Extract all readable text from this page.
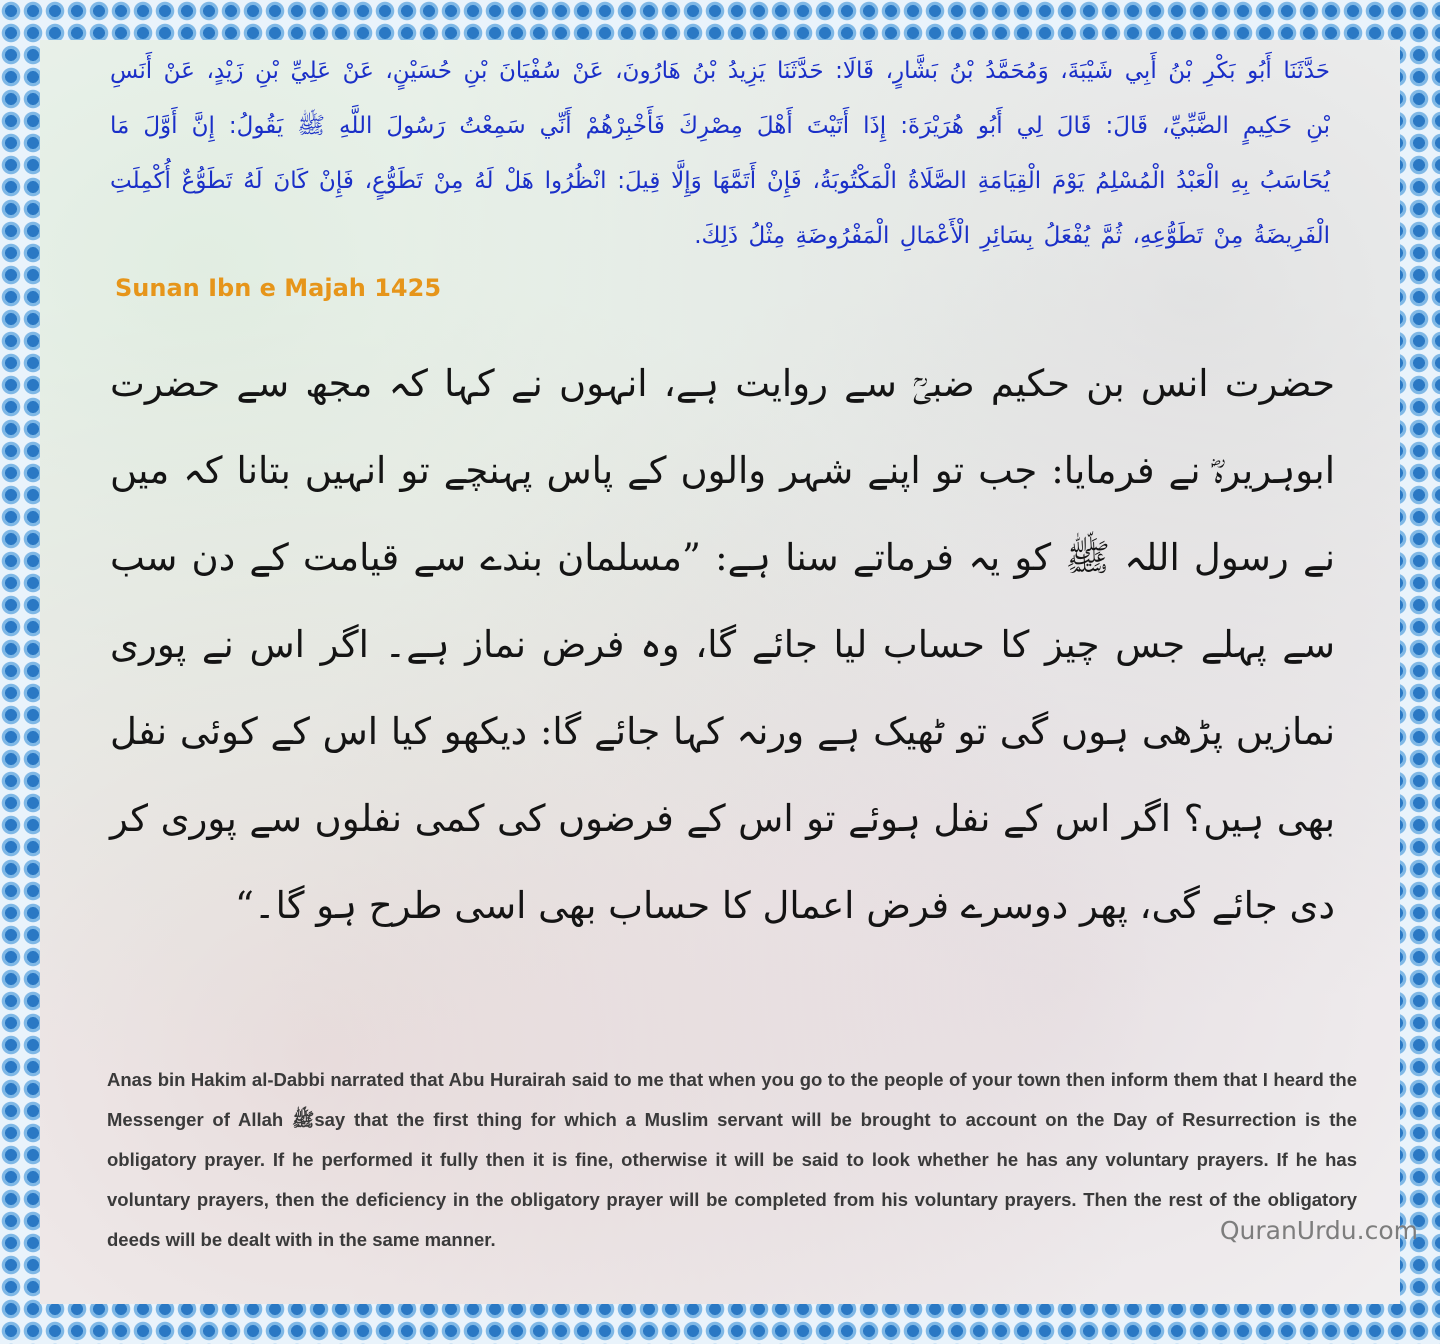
حَدَّثَنَا أَبُو بَكْرِ بْنُ أَبِي شَيْبَةَ، وَمُحَمَّدُ بْنُ بَشَّارٍ، قَالَا: حَدَّثَنَا يَزِيدُ بْنُ هَارُونَ، عَنْ سُفْيَانَ بْنِ حُسَيْنٍ، عَنْ عَلِيِّ بْنِ زَيْدٍ، عَنْ أَنَسِ بْنِ حَكِيمٍ الضَّبِّيِّ، قَالَ: قَالَ لِي أَبُو هُرَيْرَةَ: إِذَا أَتَيْتَ أَهْلَ مِصْرِكَ فَأَخْبِرْهُمْ أَنِّي سَمِعْتُ رَسُولَ اللَّهِ ﷺ يَقُولُ: إِنَّ أَوَّلَ مَا يُحَاسَبُ بِهِ الْعَبْدُ الْمُسْلِمُ يَوْمَ الْقِيَامَةِ الصَّلَاةُ الْمَكْتُوبَةُ، فَإِنْ أَتَمَّهَا وَإِلَّا قِيلَ: انْظُرُوا هَلْ لَهُ مِنْ تَطَوُّعٍ، فَإِنْ كَانَ لَهُ تَطَوُّعٌ أُكْمِلَتِ الْفَرِيضَةُ مِنْ تَطَوُّعِهِ، ثُمَّ يُفْعَلُ بِسَائِرِ الْأَعْمَالِ الْمَفْرُوضَةِ مِثْلُ ذَلِكَ.

Sunan Ibn e Majah 1425

حضرت انس بن حکیم ضبیؒ سے روایت ہے، انہوں نے کہا کہ مجھ سے حضرت ابوہریرہؓ نے فرمایا: جب تو اپنے شہر والوں کے پاس پہنچے تو انہیں بتانا کہ میں نے رسول اللہ ﷺ کو یہ فرماتے سنا ہے: ”مسلمان بندے سے قیامت کے دن سب سے پہلے جس چیز کا حساب لیا جائے گا، وہ فرض نماز ہے۔ اگر اس نے پوری نمازیں پڑھی ہوں گی تو ٹھیک ہے ورنہ کہا جائے گا: دیکھو کیا اس کے کوئی نفل بھی ہیں؟ اگر اس کے نفل ہوئے تو اس کے فرضوں کی کمی نفلوں سے پوری کر دی جائے گی، پھر دوسرے فرض اعمال کا حساب بھی اسی طرح ہو گا۔“

Anas bin Hakim al-Dabbi narrated that Abu Hurairah said to me that when you go to the people of your town then inform them that I heard the Messenger of Allah ﷺsay that the first thing for which a Muslim servant will be brought to account on the Day of Resurrection is the obligatory prayer. If he performed it fully then it is fine, otherwise it will be said to look whether he has any voluntary prayers. If he has voluntary prayers, then the deficiency in the obligatory prayer will be completed from his voluntary prayers. Then the rest of the obligatory deeds will be dealt with in the same manner.	QuranUrdu.com
